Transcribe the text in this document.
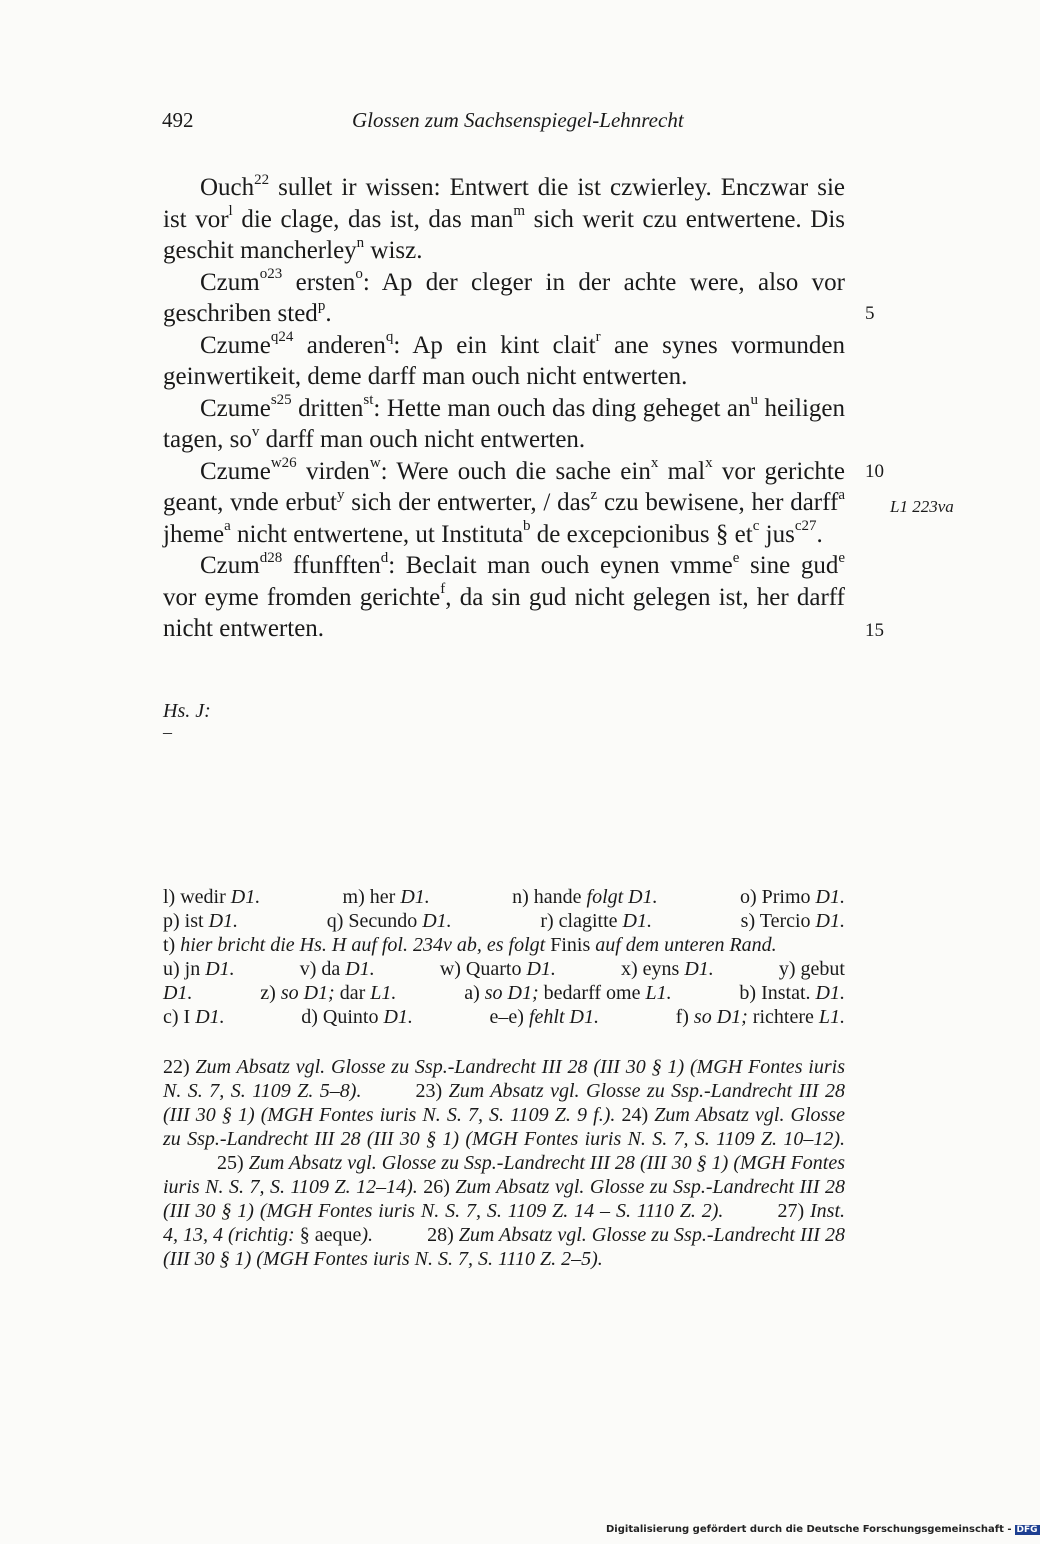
492	Glossen zum Sachsenspiegel-Lehnrecht

Ouch$^{22}$ sullet ir wissen: Entwert die ist czwierley. Enczwar sie ist vor$^l$ die clage, das ist, das man$^m$ sich werit czu entwertene. Dis geschit mancherley$^n$ wisz.

Czum$^{o23}$ ersten$^o$: Ap der cleger in der achte were, also vor geschriben sted$^p$.

Czume$^{q24}$ anderen$^q$: Ap ein kint clait$^r$ ane synes vormunden geinwertikeit, deme darff man ouch nicht entwerten.

Czume$^{s25}$ dritten$^{st}$: Hette man ouch das ding geheget $an^u$ heiligen tagen, $so^v$ darff man ouch nicht entwerten.

Czume$^{w26}$ virden$^w$: Were ouch die sache ein$^x$ mal$^x$ vor gerichte geant, vnde erbut$^y$ sich der entwerter, / das$^z$ czu bewisene, her darff$^a$ jheme$^a$ nicht entwertene, ut Instituta$^b$ de excepcionibus § $et^c$ jus$^{c27}$.

Czum$^{d28}$ ffunfften$^d$: Beclait man ouch eynen vmme$^e$ sine gud$^e$ vor eyme fromden gerichte$^f$, da sin gud nicht gelegen ist, her darff nicht entwerten.

5
10
15
L1 223va
Hs. J:
–
l) wedir D1.	m) her D1.	n) hande folgt D1.	o) Primo D1.
p) ist D1.	q) Secundo D1.	r) clagitte D1.	s) Tercio D1.
t) hier bricht die Hs. H auf fol. 234v ab, es folgt Finis auf dem unteren Rand.
u) jn D1.	v) da D1.	w) Quarto D1.	x) eyns D1.	y) gebut
D1.	z) so D1; dar L1.	a) so D1; bedarff ome L1.	b) Instat. D1.
c) I D1.	d) Quinto D1.	e–e) fehlt D1.	f) so D1; richtere L1.

22) Zum Absatz vgl. Glosse zu Ssp.-Landrecht III 28 (III 30 § 1) (MGH Fontes iuris N. S. 7, S. 1109 Z. 5–8).	23) Zum Absatz vgl. Glosse zu Ssp.-Landrecht III 28 (III 30 § 1) (MGH Fontes iuris N. S. 7, S. 1109 Z. 9 f.). 24) Zum Absatz vgl. Glosse zu Ssp.-Landrecht III 28 (III 30 § 1) (MGH Fontes iuris N. S. 7, S. 1109 Z. 10–12).25) Zum Absatz vgl. Glosse zu Ssp.-Landrecht III 28 (III 30 § 1) (MGH Fontes iuris N. S. 7, S. 1109 Z. 12–14). 26) Zum Absatz vgl. Glosse zu Ssp.-Landrecht III 28 (III 30 § 1) (MGH Fontes iuris N. S. 7, S. 1109 Z. 14 – S. 1110 Z. 2).	27) Inst. 4, 13, 4 (richtig: § aeque).	28) Zum Absatz vgl. Glosse zu Ssp.-Landrecht III 28 (III 30 § 1) (MGH Fontes iuris N. S. 7, S. 1110 Z. 2–5).

Digitalisierung gefördert durch die Deutsche Forschungsgemeinschaft - DFG
